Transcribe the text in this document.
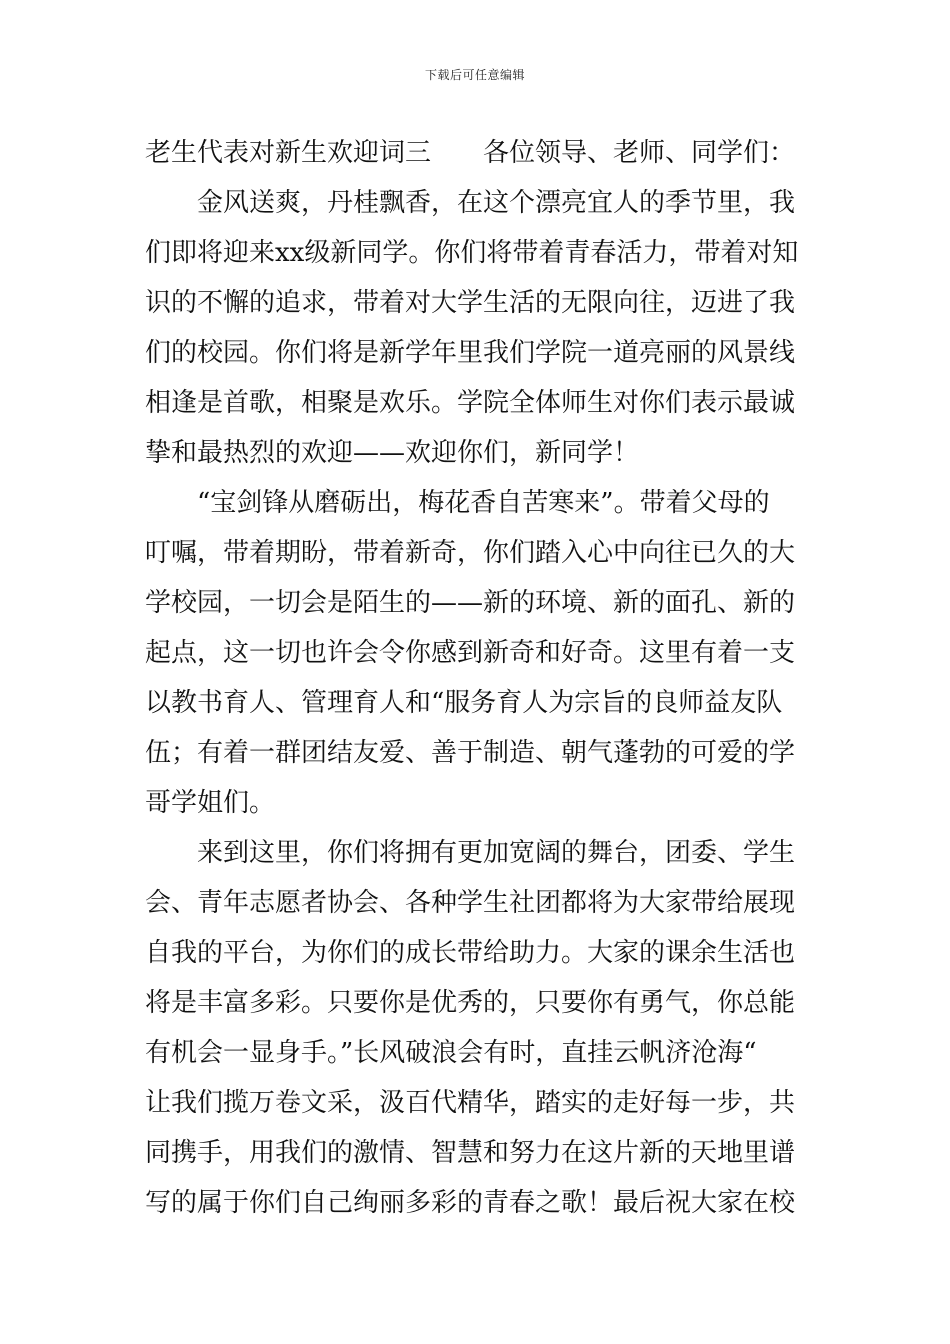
下载后可任意编辑
老生代表对新生欢迎词三　　各位领导、老师、同学们：
金风送爽，丹桂飘香，在这个漂亮宜人的季节里，我
们即将迎来xx级新同学。你们将带着青春活力，带着对知
识的不懈的追求，带着对大学生活的无限向往，迈进了我
们的校园。你们将是新学年里我们学院一道亮丽的风景线
相逢是首歌，相聚是欢乐。学院全体师生对你们表示最诚
挚和最热烈的欢迎——欢迎你们，新同学！
“宝剑锋从磨砺出，梅花香自苦寒来”。带着父母的
叮嘱，带着期盼，带着新奇，你们踏入心中向往已久的大
学校园，一切会是陌生的——新的环境、新的面孔、新的
起点，这一切也许会令你感到新奇和好奇。这里有着一支
以教书育人、管理育人和“服务育人为宗旨的良师益友队
伍；有着一群团结友爱、善于制造、朝气蓬勃的可爱的学
哥学姐们。
来到这里，你们将拥有更加宽阔的舞台，团委、学生
会、青年志愿者协会、各种学生社团都将为大家带给展现
自我的平台，为你们的成长带给助力。大家的课余生活也
将是丰富多彩。只要你是优秀的，只要你有勇气，你总能
有机会一显身手。”长风破浪会有时，直挂云帆济沧海“
让我们揽万卷文采，汲百代精华，踏实的走好每一步，共
同携手，用我们的激情、智慧和努力在这片新的天地里谱
写的属于你们自己绚丽多彩的青春之歌！最后祝大家在校
